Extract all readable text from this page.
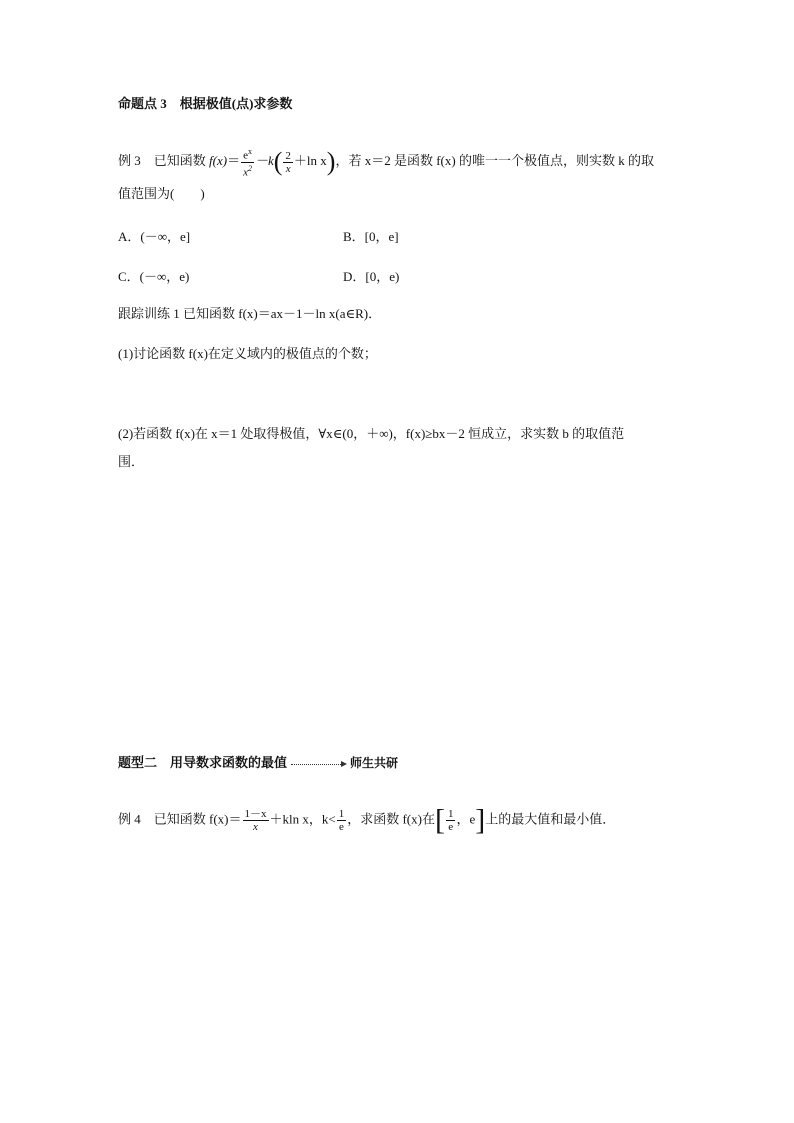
命题点 3　根据极值(点)求参数
例 3　已知函数 $f(x)= \frac{e^x}{x^2} -k( \frac{2}{x} +\ln$ x)，若 x＝2 是函数 f(x) 的唯一一个极值点，则实数 k 的取
值范围为(　　)
A．(－∞，e]	B．[0，e]
C．(－∞，e)	D．[0，e)
跟踪训练 1 已知函数 f(x)＝ax－1－ln x(a∈R)．
(1)讨论函数 f(x)在定义域内的极值点的个数；
(2)若函数 f(x)在 x＝1 处取得极值，∀x∈(0，＋∞)，f(x)≥bx－2 恒成立，求实数 b 的取值范
围．
题型二　用导数求函数的最值	师生共研
例 4　已知函数 $f(x)= \frac{1-x}{x} +kln$ x，$k< \frac{1}{e}$ ，求函数 f(x)在[ $\frac{1}{e}$ ，e]上的最大值和最小值．
